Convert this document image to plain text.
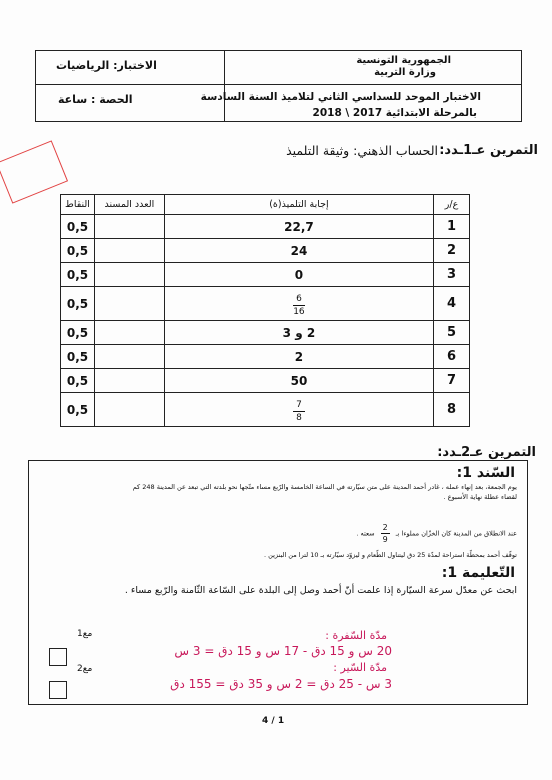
الجمهورية التونسية
وزارة التربية
الاختبار الموحد للسداسي الثاني لتلاميذ السنة السادسة
بالمرحلة الابتدائية 2017 \ 2018
الاختبار: الرياضيات
الحصة : ساعة
التمرين عـ1ـدد:
الحساب الذهني: وثيقة التلميذ
النقاط	العدد المسند	إجابة التلميذ(ة)	ع/ر
0,5		22,7	1
0,5		24	2
0,5		0	3
0,5		$\frac{6}{16}$	4
0,5		2 و 3	5
0,5		2	6
0,5		50	7
0,5		$\frac{7}{8}$	8
التمرين عـ2ـدد:
السّند 1:
يوم الجمعة، بعد إنهاء عمله ، غادر أحمد المدينة على متن سيّارته في الساعة الخامسة والرّبع مساء متّجها نحو بلدته التي تبعد عن المدينة 248 كم
لقضاء عطلة نهاية الأسبوع .
عند الانطلاق من المدينة كان الخزّان مملوءا بـ
$\frac{2}{9}$
سعته .
توقّف أحمد بمحطّة استراحة لمدّة 25 دق ليتناول الطّعام و ليزوّد سيّارته بـ 10 لترا من البنزين .
التّعليمة 1:
ابحث عن معدّل سرعة السيّارة إذا علمت أنّ أحمد وصل إلى البلدة على السّاعة الثّامنة والرّبع مساء .
مدّة السّفرة :
20 س و 15 دق - 17 س و 15 دق = 3 س
مدّة السّير :
3 س - 25 دق = 2 س و 35 دق = 155 دق
مع1
مع2
4 / 1
